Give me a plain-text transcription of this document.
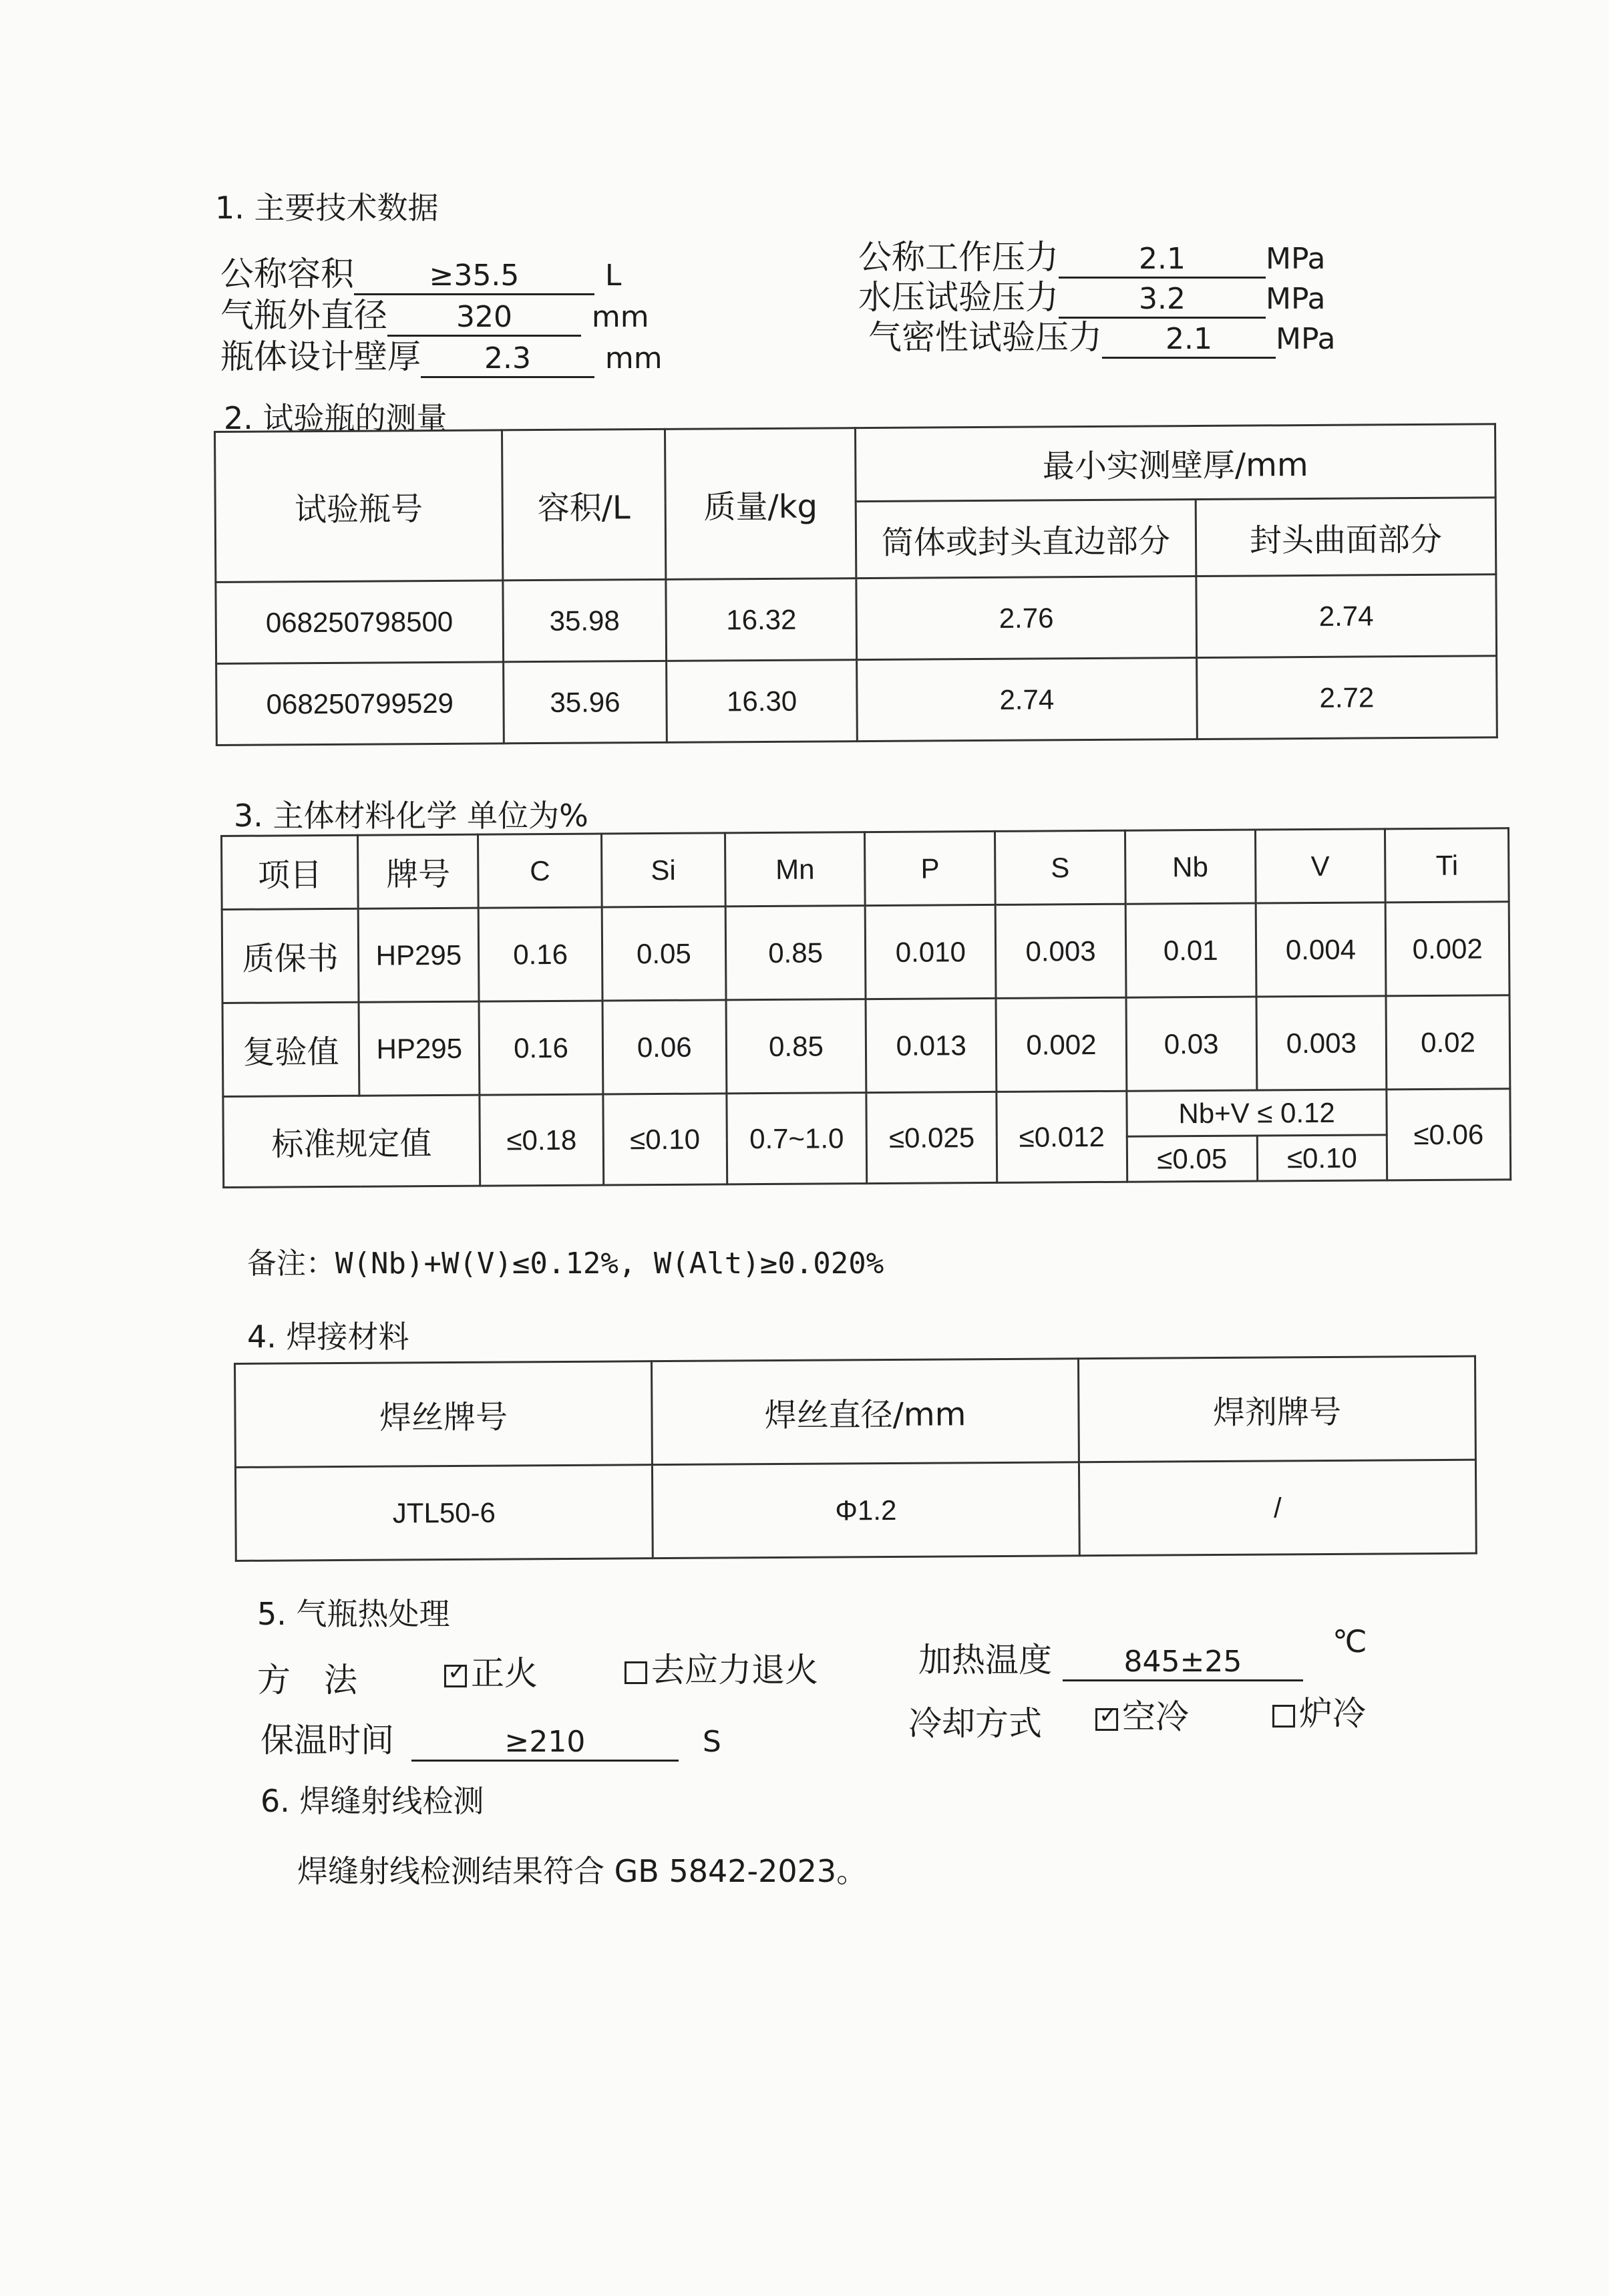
1. 主要技术数据
公称容积	≥35.5	L
气瓶外直径 320	mm
瓶体设计壁厚 2.3	mm
公称工作压力	2.1	MPa
水压试验压力	3.2	MPa
气密性试验压力 2.1 MPa
2. 试验瓶的测量
试验瓶号	容积/L	质量/kg	最小实测壁厚/mm	
			筒体或封头直边部分	封头曲面部分
068250798500	35.98	16.32	2.76	2.74
068250799529	35.96	16.30	2.74	2.72
3. 主体材料化学 单位为%
项目	牌号	C	Si	Mn	P	S	Nb	V	Ti
质保书	HP295	0.16	0.05	0.85	0.010	0.003	0.01	0.004	0.002
复验值	HP295	0.16	0.06	0.85	0.013	0.002	0.03	0.003	0.02
标准规定值		≤0.18	≤0.10	0.7~1.0	≤0.025	≤0.012	Nb+V ≤ 0.12		≤0.06
							≤0.05	≤0.10	
备注：W(Nb)+W(V)≤0.12%, W(Alt)≥0.020%
4. 焊接材料
焊丝牌号	焊丝直径/mm	焊剂牌号
JTL50-6	Φ1.2	/
5. 气瓶热处理
方　法 ✓	正火	去应力退火	加热温度 845±25
℃
保温时间	≥210	S	冷却方式 ✓	空冷	炉冷
6. 焊缝射线检测
焊缝射线检测结果符合 GB 5842-2023。
